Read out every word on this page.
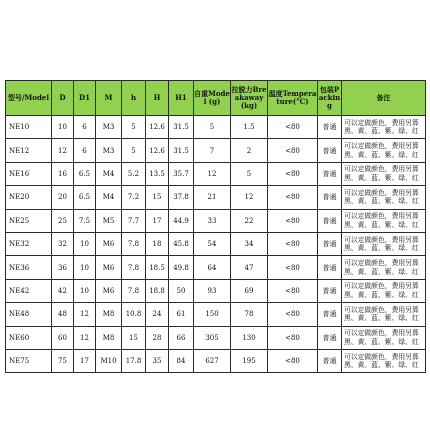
型号/Model	D	D1	M	h	H	H1	自重Model (g)	拉脱力Breakaway(kg)	温度Temperature(°C)	包装Packing	备注
NE10	10	6	M3	5	12.6	31.5	5	1.5	<80	普通	可以定做颜色，费用另算黑、黄、蓝、紫、绿、红
NE12	12	6	M3	5	12.6	31.5	7	2	<80	普通	可以定做颜色，费用另算黑、黄、蓝、紫、绿、红
NE16	16	6.5	M4	5.2	13.5	35.7	12	5	<80	普通	可以定做颜色，费用另算黑、黄、蓝、紫、绿、红
NE20	20	6.5	M4	7.2	15	37.8	21	12	<80	普通	可以定做颜色，费用另算黑、黄、蓝、紫、绿、红
NE25	25	7.5	M5	7.7	17	44.9	33	22	<80	普通	可以定做颜色，费用另算黑、黄、蓝、紫、绿、红
NE32	32	10	M6	7.8	18	45.8	54	34	<80	普通	可以定做颜色，费用另算黑、黄、蓝、紫、绿、红
NE36	36	10	M6	7.8	18.5	49.8	64	47	<80	普通	可以定做颜色，费用另算黑、黄、蓝、紫、绿、红
NE42	42	10	M6	7.8	18.8	50	93	69	<80	普通	可以定做颜色，费用另算黑、黄、蓝、紫、绿、红
NE48	48	12	M8	10.8	24	61	150	78	<80	普通	可以定做颜色，费用另算黑、黄、蓝、紫、绿、红
NE60	60	12	M8	15	28	66	305	130	<80	普通	可以定做颜色，费用另算黑、黄、蓝、紫、绿、红
NE75	75	17	M10	17.8	35	84	627	195	<80	普通	可以定做颜色，费用另算黑、黄、蓝、紫、绿、红
